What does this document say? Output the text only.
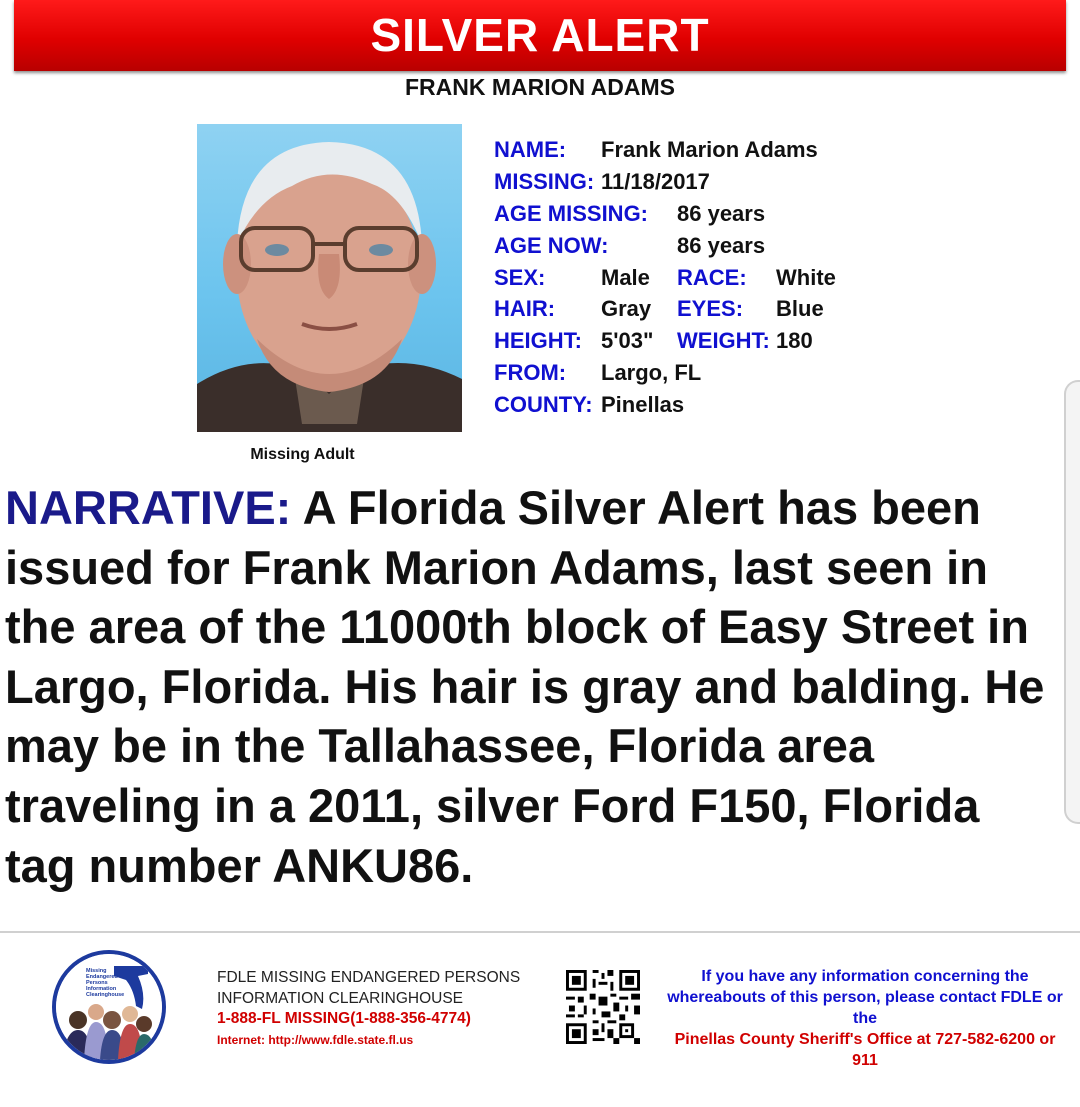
SILVER ALERT
FRANK MARION ADAMS
Missing Adult
NAME: Frank Marion Adams
MISSING: 11/18/2017
AGE MISSING: 86 years
AGE NOW:	86 years
SEX:	Male RACE: White
HAIR: Gray EYES: Blue
HEIGHT: 5'03" WEIGHT: 180
FROM: Largo, FL
COUNTY: Pinellas
NARRATIVE: A Florida Silver Alert has been
issued for Frank Marion Adams, last seen in
the area of the 11000th block of Easy Street in
Largo, Florida. His hair is gray and balding. He
may be in the Tallahassee, Florida area
traveling in a 2011, silver Ford F150, Florida
tag number ANKU86.
Missing
Endangered
Persons
Information
Clearinghouse
FDLE MISSING ENDANGERED PERSONS
INFORMATION CLEARINGHOUSE
1-888-FL MISSING(1-888-356-4774)
Internet: http://www.fdle.state.fl.us
If you have any information concerning the
whereabouts of this person, please contact FDLE or
the
Pinellas County Sheriff's Office at 727-582-6200 or
911
